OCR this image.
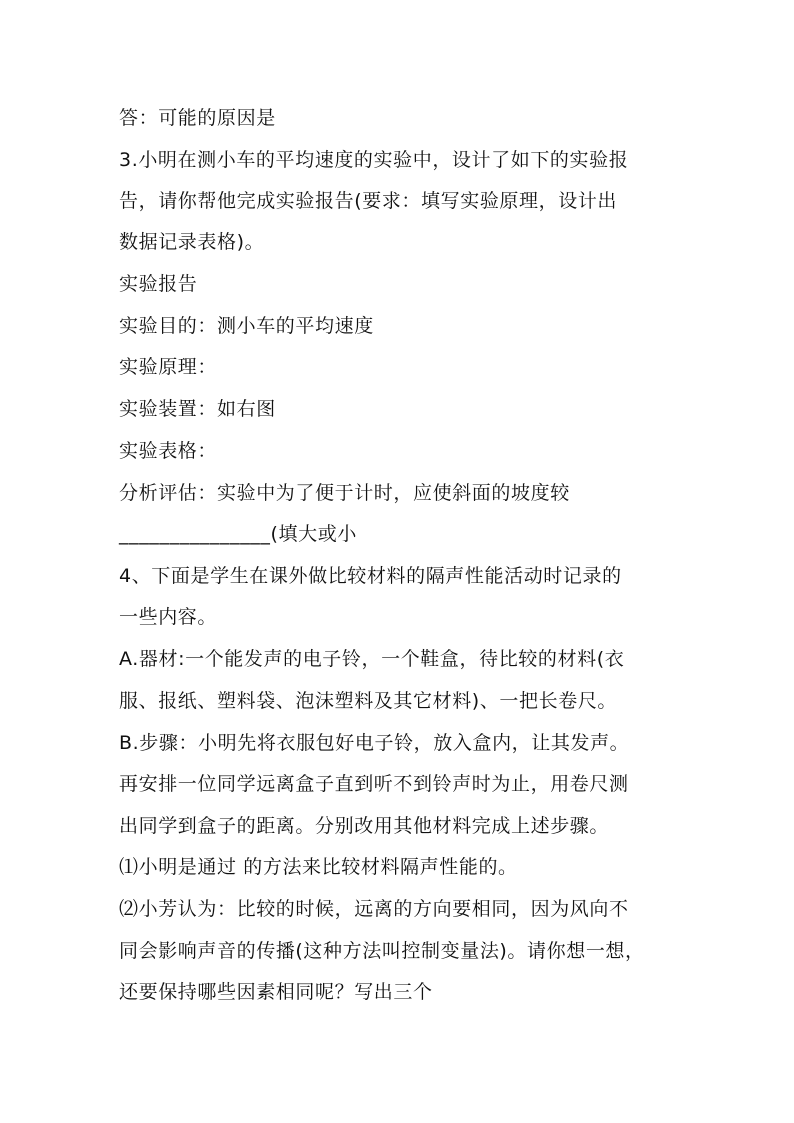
答：可能的原因是
3.小明在测小车的平均速度的实验中，设计了如下的实验报
告，请你帮他完成实验报告(要求：填写实验原理，设计出
数据记录表格)。
实验报告
实验目的：测小车的平均速度
实验原理：
实验装置：如右图
实验表格：
分析评估：实验中为了便于计时，应使斜面的坡度较
_______________(填大或小
4、下面是学生在课外做比较材料的隔声性能活动时记录的
一些内容。
A.器材:一个能发声的电子铃，一个鞋盒，待比较的材料(衣
服、报纸、塑料袋、泡沫塑料及其它材料)、一把长卷尺。
B.步骤：小明先将衣服包好电子铃，放入盒内，让其发声。
再安排一位同学远离盒子直到听不到铃声时为止，用卷尺测
出同学到盒子的距离。分别改用其他材料完成上述步骤。
⑴小明是通过 的方法来比较材料隔声性能的。
⑵小芳认为：比较的时候，远离的方向要相同，因为风向不
同会影响声音的传播(这种方法叫控制变量法)。请你想一想，
还要保持哪些因素相同呢？写出三个
